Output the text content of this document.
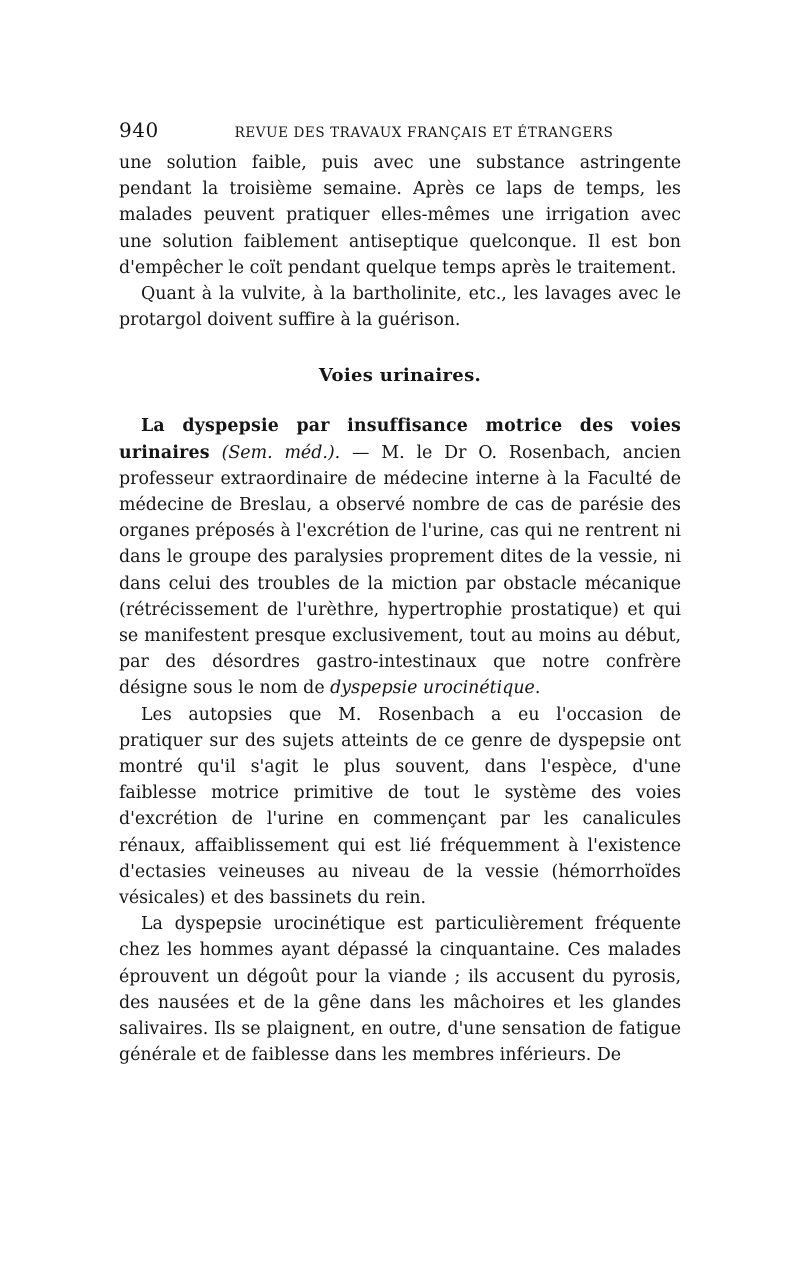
940	REVUE DES TRAVAUX FRANÇAIS ET ÉTRANGERS

une solution faible, puis avec une substance astringente pendant la troisième semaine. Après ce laps de temps, les malades peuvent pratiquer elles-mêmes une irrigation avec une solution faiblement antiseptique quelconque. Il est bon d'empêcher le coït pendant quelque temps après le traitement.

Quant à la vulvite, à la bartholinite, etc., les lavages avec le protargol doivent suffire à la guérison.

Voies urinaires.

La dyspepsie par insuffisance motrice des voies urinaires (Sem. méd.). — M. le Dr O. Rosenbach, ancien professeur extraordinaire de médecine interne à la Faculté de médecine de Breslau, a observé nombre de cas de parésie des organes préposés à l'excrétion de l'urine, cas qui ne rentrent ni dans le groupe des paralysies proprement dites de la vessie, ni dans celui des troubles de la miction par obstacle mécanique (rétrécissement de l'urèthre, hypertrophie prostatique) et qui se manifestent presque exclusivement, tout au moins au début, par des désordres gastro-intestinaux que notre confrère désigne sous le nom de dyspepsie urocinétique.

Les autopsies que M. Rosenbach a eu l'occasion de pratiquer sur des sujets atteints de ce genre de dyspepsie ont montré qu'il s'agit le plus souvent, dans l'espèce, d'une faiblesse motrice primitive de tout le système des voies d'excrétion de l'urine en commençant par les canalicules rénaux, affaiblissement qui est lié fréquemment à l'existence d'ectasies veineuses au niveau de la vessie (hémorrhoïdes vésicales) et des bassinets du rein.

La dyspepsie urocinétique est particulièrement fréquente chez les hommes ayant dépassé la cinquantaine. Ces malades éprouvent un dégoût pour la viande ; ils accusent du pyrosis, des nausées et de la gêne dans les mâchoires et les glandes salivaires. Ils se plaignent, en outre, d'une sensation de fatigue générale et de faiblesse dans les membres inférieurs. De
